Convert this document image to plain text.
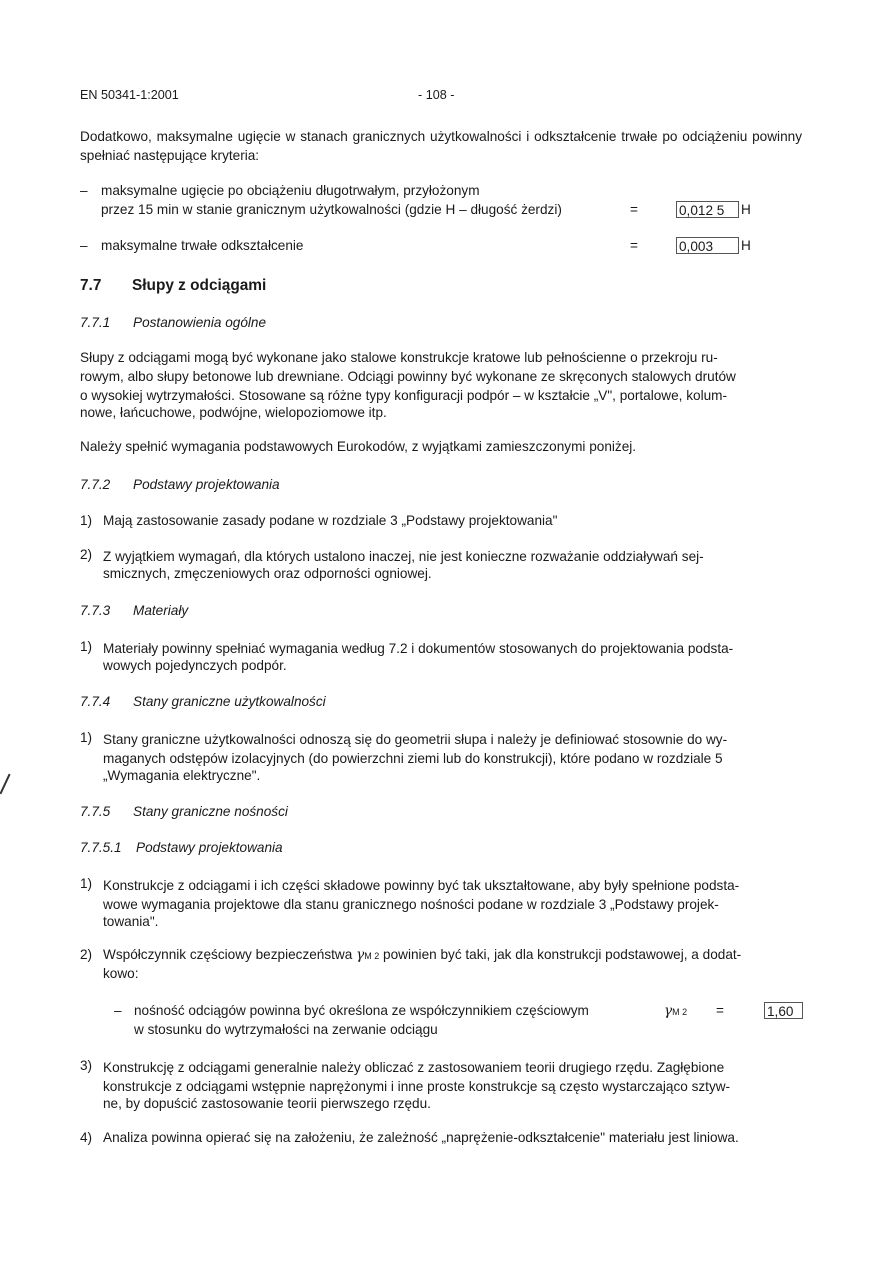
EN 50341-1:2001	- 108 -
Dodatkowo, maksymalne ugięcie w stanach granicznych użytkowalności i odkształcenie trwałe po odciążeniu powinny spełniać następujące kryteria:
– maksymalne ugięcie po obciążeniu długotrwałym, przyłożonym
przez 15 min w stanie granicznym użytkowalności (gdzie H – długość żerdzi)	=	0,012 5	H
– maksymalne trwałe odkształcenie	=	0,003	H
7.7 Słupy z odciągami
7.7.1 Postanowienia ogólne
Słupy z odciągami mogą być wykonane jako stalowe konstrukcje kratowe lub pełnościenne o przekroju ru-
rowym, albo słupy betonowe lub drewniane. Odciągi powinny być wykonane ze skręconych stalowych drutów
o wysokiej wytrzymałości. Stosowane są różne typy konfiguracji podpór – w kształcie „V", portalowe, kolum-
nowe, łańcuchowe, podwójne, wielopoziomowe itp.
Należy spełnić wymagania podstawowych Eurokodów, z wyjątkami zamieszczonymi poniżej.
7.7.2 Podstawy projektowania
1) Mają zastosowanie zasady podane w rozdziale 3 „Podstawy projektowania"
2) Z wyjątkiem wymagań, dla których ustalono inaczej, nie jest konieczne rozważanie oddziaływań sej-
smicznych, zmęczeniowych oraz odporności ogniowej.
7.7.3 Materiały
1) Materiały powinny spełniać wymagania według 7.2 i dokumentów stosowanych do projektowania podsta-
wowych pojedynczych podpór.
7.7.4 Stany graniczne użytkowalności
1) Stany graniczne użytkowalności odnoszą się do geometrii słupa i należy je definiować stosownie do wy-
maganych odstępów izolacyjnych (do powierzchni ziemi lub do konstrukcji), które podano w rozdziale 5
„Wymagania elektryczne".
7.7.5 Stany graniczne nośności
7.7.5.1 Podstawy projektowania
1) Konstrukcje z odciągami i ich części składowe powinny być tak ukształtowane, aby były spełnione podsta-
wowe wymagania projektowe dla stanu granicznego nośności podane w rozdziale 3 „Podstawy projek-
towania".
2) Współczynnik częściowy bezpieczeństwa γM 2 powinien być taki, jak dla konstrukcji podstawowej, a dodat-
kowo:
– nośność odciągów powinna być określona ze współczynnikiem częściowym	γM 2 =	1,60
w stosunku do wytrzymałości na zerwanie odciągu
3) Konstrukcję z odciągami generalnie należy obliczać z zastosowaniem teorii drugiego rzędu. Zagłębione
konstrukcje z odciągami wstępnie naprężonymi i inne proste konstrukcje są często wystarczająco sztyw-
ne, by dopuścić zastosowanie teorii pierwszego rzędu.
4) Analiza powinna opierać się na założeniu, że zależność „naprężenie-odkształcenie" materiału jest liniowa.
